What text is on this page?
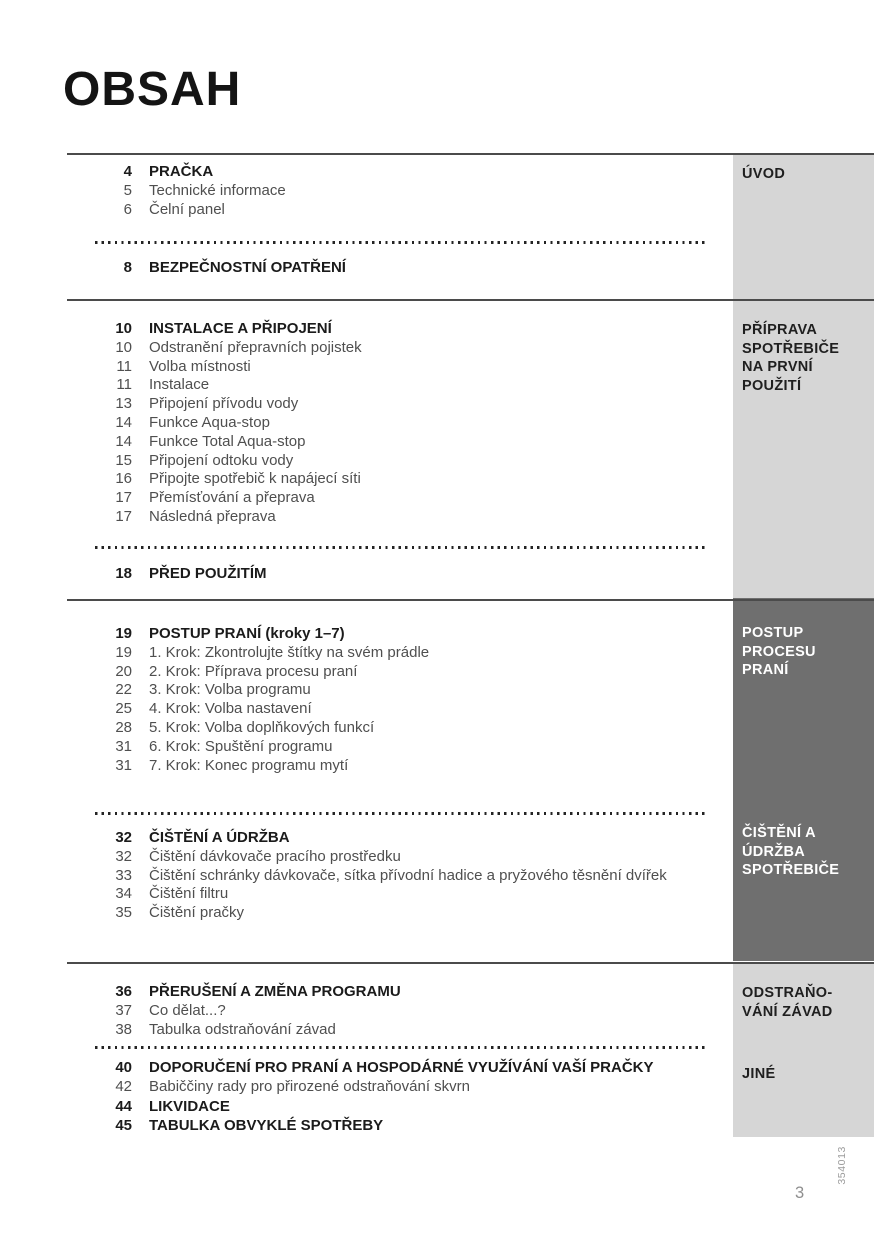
OBSAH
ÚVOD
PŘÍPRAVA SPOTŘEBIČE NA PRVNÍ POUŽITÍ
POSTUP PROCESU PRANÍ
ČIŠTĚNÍ A ÚDRŽBA SPOTŘEBIČE
ODSTRAŇO-VÁNÍ ZÁVAD
JINÉ
4	PRAČKA
5	Technické informace
6	Čelní panel
8	BEZPEČNOSTNÍ OPATŘENÍ
10	INSTALACE A PŘIPOJENÍ
10	Odstranění přepravních pojistek
11	Volba místnosti
11	Instalace
13	Připojení přívodu vody
14	Funkce Aqua-stop
14	Funkce Total Aqua-stop
15	Připojení odtoku vody
16	Připojte spotřebič k napájecí síti
17	Přemísťování a přeprava
17	Následná přeprava
18	PŘED POUŽITÍM
19	POSTUP PRANÍ (kroky 1–7)
19	1. Krok: Zkontrolujte štítky na svém prádle
20	2. Krok: Příprava procesu praní
22	3. Krok: Volba programu
25	4. Krok: Volba nastavení
28	5. Krok: Volba doplňkových funkcí
31	6. Krok: Spuštění programu
31	7. Krok: Konec programu mytí
32	ČIŠTĚNÍ A ÚDRŽBA
32	Čištění dávkovače pracího prostředku
33	Čištění schránky dávkovače, sítka přívodní hadice a pryžového těsnění dvířek
34	Čištění filtru
35	Čištění pračky
36	PŘERUŠENÍ A ZMĚNA PROGRAMU
37	Co dělat...?
38	Tabulka odstraňování závad
40	DOPORUČENÍ PRO PRANÍ A HOSPODÁRNÉ VYUŽÍVÁNÍ VAŠÍ PRAČKY
42	Babiččiny rady pro přirozené odstraňování skvrn
44	LIKVIDACE
45	TABULKA OBVYKLÉ SPOTŘEBY
354013
3
